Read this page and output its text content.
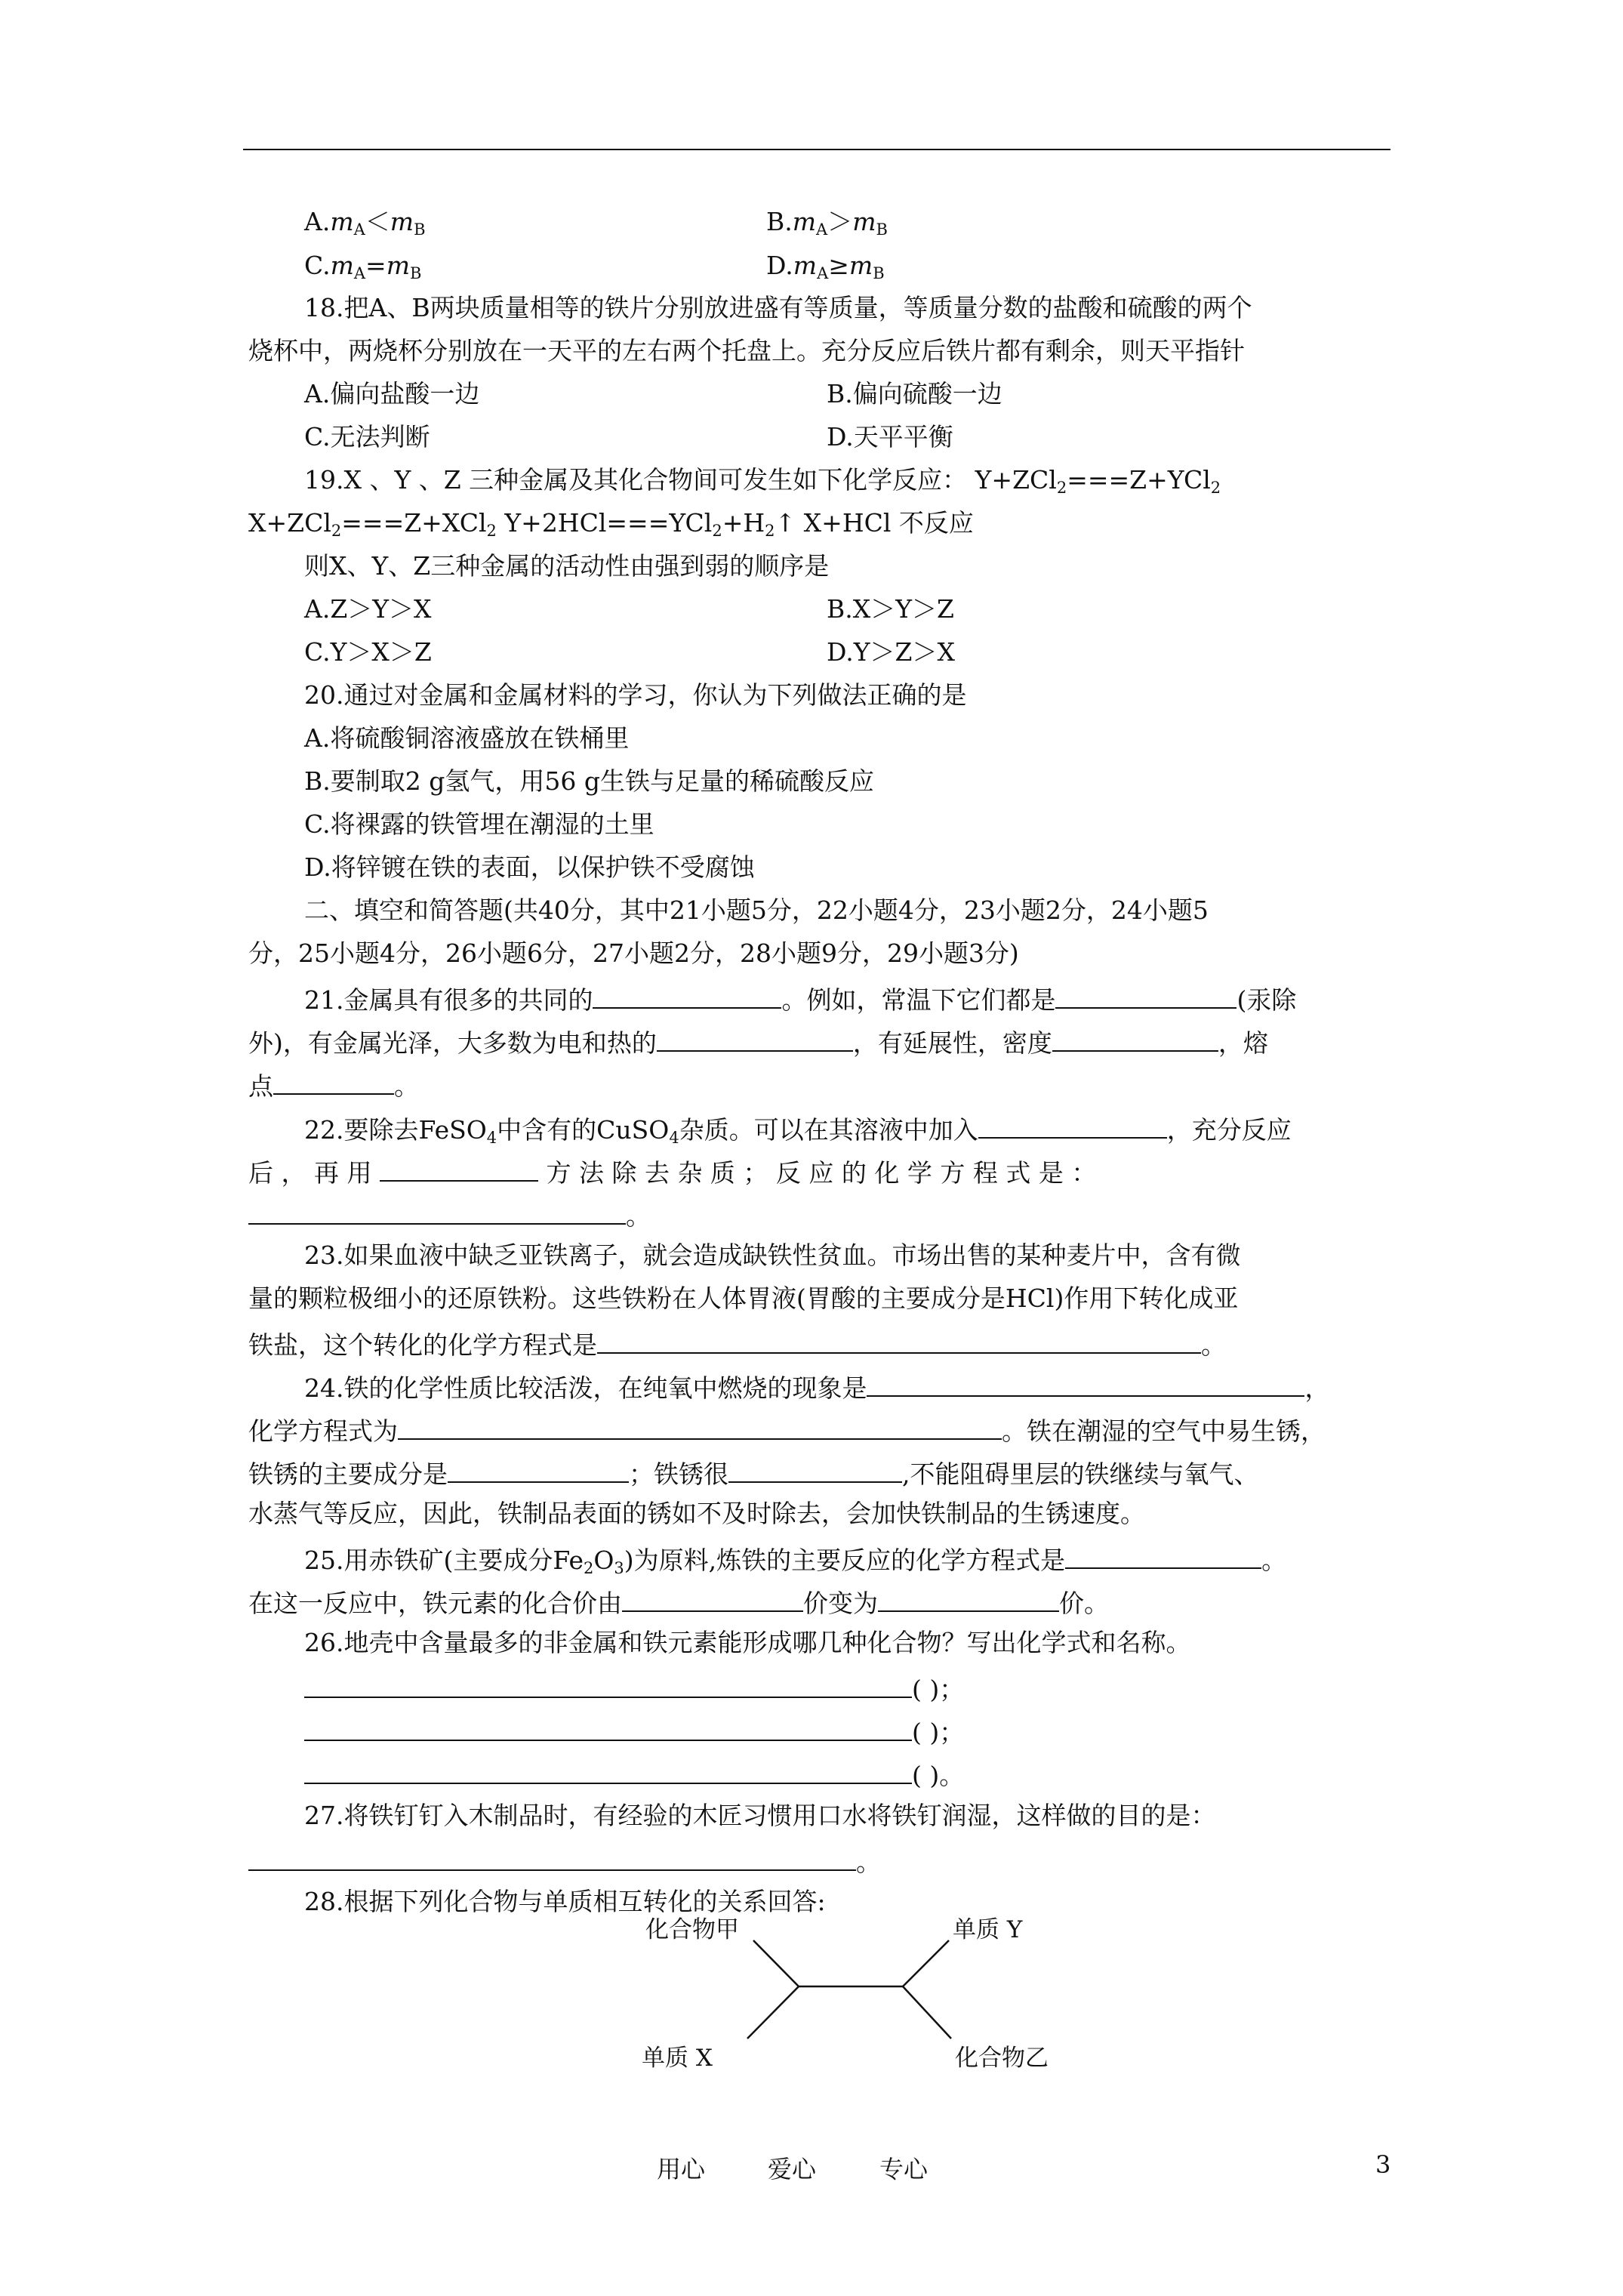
$A.m_A<m_B$	$B.m_A>m_B$
$C.m_A=m_B$	$D.m_A\ge m_B$
18.把A、B两块质量相等的铁片分别放进盛有等质量，等质量分数的盐酸和硫酸的两个
烧杯中，两烧杯分别放在一天平的左右两个托盘上。充分反应后铁片都有剩余，则天平指针
A.偏向盐酸一边	B.偏向硫酸一边
C.无法判断	D.天平平衡
19.X 、Y 、Z 三种金属及其化合物间可发生如下化学反应： Y+ZCl$_2$===Z+YCl$_2$
X+ZCl$_2$===Z+XCl$_2$ $Y+2HCl===YCl_2+H_2↑$ X+HCl 不反应
则X、Y、Z三种金属的活动性由强到弱的顺序是
A.Z＞Y＞X	B.X＞Y＞Z
C.Y＞X＞Z	D.Y＞Z＞X
20.通过对金属和金属材料的学习，你认为下列做法正确的是
A.将硫酸铜溶液盛放在铁桶里
B.要制取2 g氢气，用56 g生铁与足量的稀硫酸反应
C.将裸露的铁管埋在潮湿的土里
D.将锌镀在铁的表面，以保护铁不受腐蚀
二、填空和简答题(共40分，其中21小题5分，22小题4分，23小题2分，24小题5
分，25小题4分，26小题6分，27小题2分，28小题9分，29小题3分)
21.金属具有很多的共同的	。例如，常温下它们都是	(汞除
外)，有金属光泽，大多数为电和热的	，有延展性，密度	，熔
点	。
22.要除去FeSO$_4$中含有的CuSO$_4$杂质。可以在其溶液中加入	，充分反应
后 ， 再 用	方 法 除 去 杂 质 ； 反 应 的 化 学 方 程 式 是 ：
。
23.如果血液中缺乏亚铁离子，就会造成缺铁性贫血。市场出售的某种麦片中，含有微
量的颗粒极细小的还原铁粉。这些铁粉在人体胃液(胃酸的主要成分是HCl)作用下转化成亚
铁盐，这个转化的化学方程式是	。
24.铁的化学性质比较活泼，在纯氧中燃烧的现象是	，
化学方程式为	。铁在潮湿的空气中易生锈，
铁锈的主要成分是	；铁锈很	,不能阻碍里层的铁继续与氧气、
水蒸气等反应，因此，铁制品表面的锈如不及时除去，会加快铁制品的生锈速度。
25.用赤铁矿(主要成分$Fe_2O_3$)为原料,炼铁的主要反应的化学方程式是	。
在这一反应中，铁元素的化合价由	价变为	价。
26.地壳中含量最多的非金属和铁元素能形成哪几种化合物？写出化学式和名称。
( )；
( )；
( )。
27.将铁钉钉入木制品时，有经验的木匠习惯用口水将铁钉润湿，这样做的目的是：
。
28.根据下列化合物与单质相互转化的关系回答:
化合物甲	单质 Y
单质 X	化合物乙
用心	爱心	专心	3
